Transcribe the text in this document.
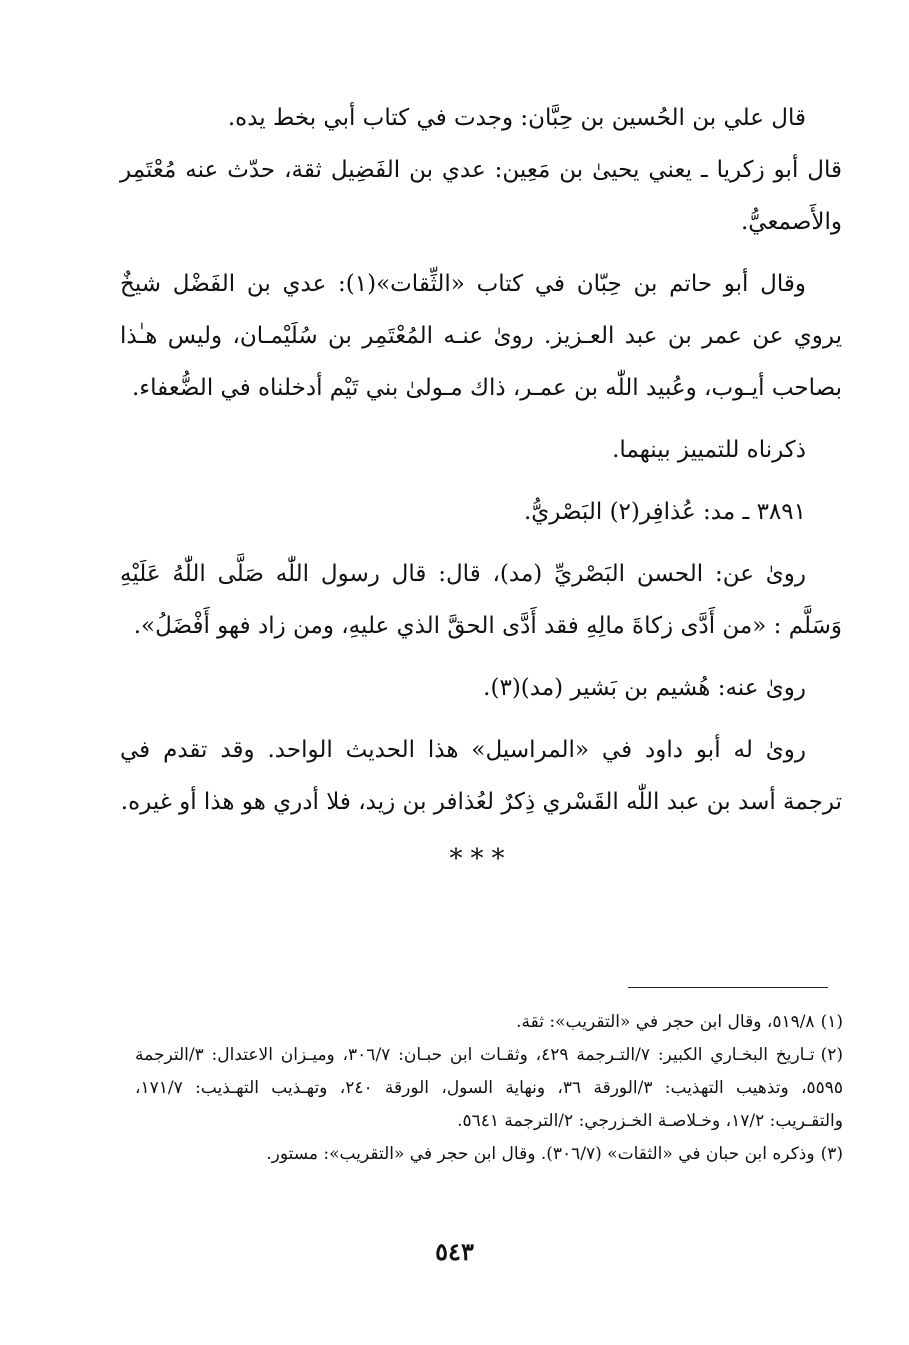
قال علي بن الحُسين بن حِبَّان: وجدت في كتاب أبي بخط يده.

قال أبو زكريا ـ يعني يحيىٰ بن مَعِين: عدي بن الفَضِيل ثقة، حدّث عنه مُعْتَمِر والأَصمعيُّ.

وقال أبو حاتم بن حِبّان في كتاب «الثِّقات»(١): عدي بن الفَضْل شيخٌ يروي عن عمر بن عبد العـزيز. روىٰ عنـه المُعْتَمِر بن سُلَيْمـان، وليس هـٰذا بصاحب أيـوب، وعُبيد اللّٰه بن عمـر، ذاك مـولىٰ بني تَيْم أدخلناه في الضُّعفاء.

ذكرناه للتمييز بينهما.

٣٨٩١ ـ مد: عُذافِر(٢) البَصْريُّ.

روىٰ عن: الحسن البَصْريِّ (مد)، قال: قال رسول اللّٰه صَلَّى اللّٰهُ عَلَيْهِ وَسَلَّم : «من أَدَّى زكاةَ مالِهِ فقد أَدَّى الحقَّ الذي عليهِ، ومن زاد فهو أَفْضَلُ».

روىٰ عنه: هُشيم بن بَشير (مد)(٣).

روىٰ له أبو داود في «المراسيل» هذا الحديث الواحد. وقد تقدم في ترجمة أسد بن عبد اللّٰه القَسْري ذِكرٌ لعُذافر بن زيد، فلا أدري هو هذا أو غيره.

***

(١)٥١٩/٨، وقال ابن حجر في «التقريب»: ثقة.

(٢)تـاريخ البخـاري الكبير: ٧/التـرجمة ٤٢٩، وثقـات ابن حبـان: ٣٠٦/٧، وميـزان الاعتدال: ٣/الترجمة ٥٥٩٥، وتذهيب التهذيب: ٣/الورقة ٣٦، ونهاية السول، الورقة ٢٤٠، وتهـذيب التهـذيب: ١٧١/٧، والتقـريب: ١٧/٢، وخـلاصـة الخـزرجي: ٢/الترجمة ٥٦٤١.

(٣)وذكره ابن حبان في «الثقات» (٣٠٦/٧). وقال ابن حجر في «التقريب»: مستور.

٥٤٣
